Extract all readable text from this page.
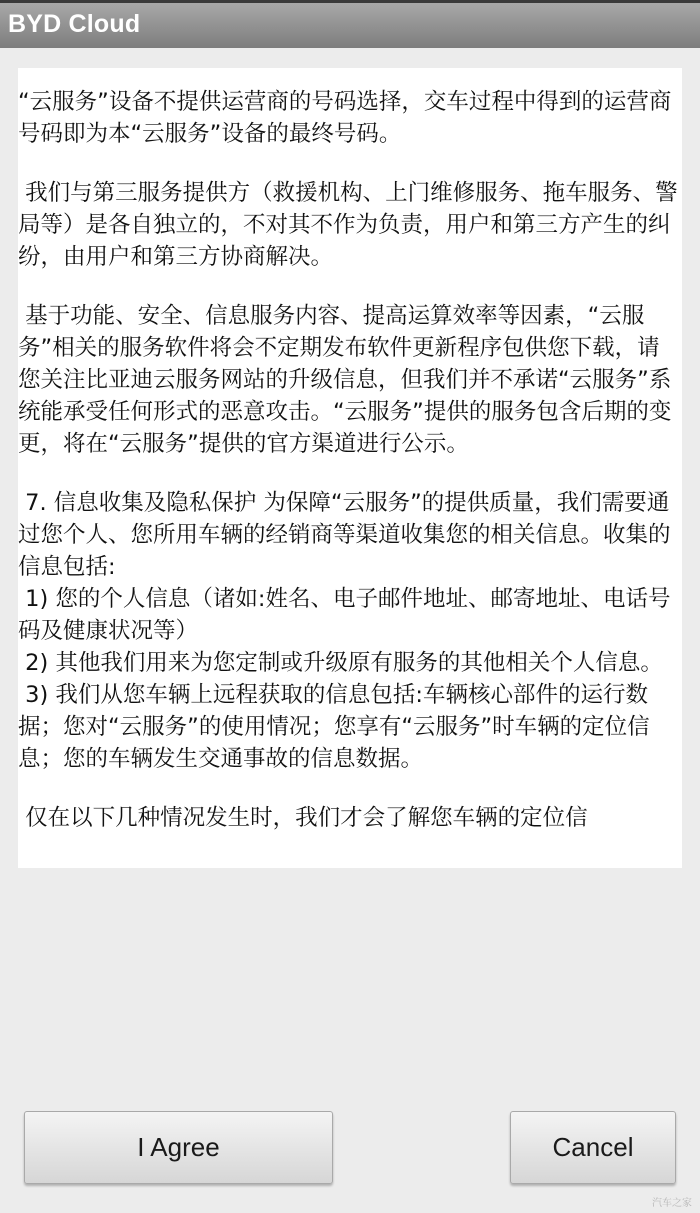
BYD Cloud

“云服务”设备不提供运营商的号码选择，交车过程中得到的运营商号码即为本“云服务”设备的最终号码。

我们与第三服务提供方（救援机构、上门维修服务、拖车服务、警局等）是各自独立的，不对其不作为负责，用户和第三方产生的纠纷，由用户和第三方协商解决。

基于功能、安全、信息服务内容、提高运算效率等因素，“云服务”相关的服务软件将会不定期发布软件更新程序包供您下载，请您关注比亚迪云服务网站的升级信息，但我们并不承诺“云服务”系统能承受任何形式的恶意攻击。“云服务”提供的服务包含后期的变更，将在“云服务”提供的官方渠道进行公示。

7. 信息收集及隐私保护 为保障“云服务”的提供质量，我们需要通过您个人、您所用车辆的经销商等渠道收集您的相关信息。收集的信息包括:
1) 您的个人信息（诸如:姓名、电子邮件地址、邮寄地址、电话号码及健康状况等）
2) 其他我们用来为您定制或升级原有服务的其他相关个人信息。
3) 我们从您车辆上远程获取的信息包括:车辆核心部件的运行数据；您对“云服务”的使用情况；您享有“云服务”时车辆的定位信息；您的车辆发生交通事故的信息数据。

仅在以下几种情况发生时，我们才会了解您车辆的定位信

I Agree	Cancel
汽车之家
